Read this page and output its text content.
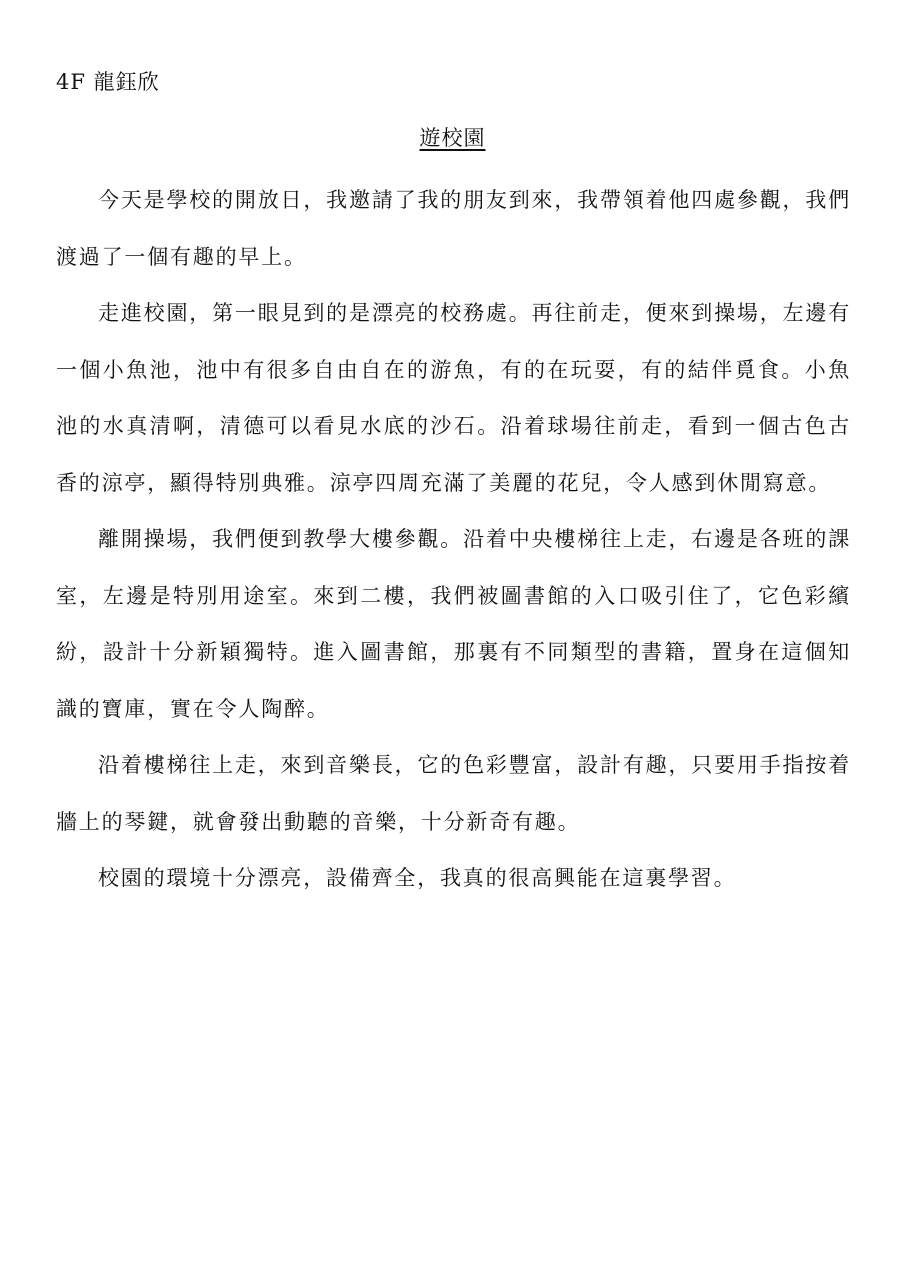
4F 龍鈺欣
遊校園

今天是學校的開放日，我邀請了我的朋友到來，我帶領着他四處參觀，我們渡過了一個有趣的早上。

走進校園，第一眼見到的是漂亮的校務處。再往前走，便來到操場，左邊有一個小魚池，池中有很多自由自在的游魚，有的在玩耍，有的結伴覓食。小魚池的水真清啊，清德可以看見水底的沙石。沿着球場往前走，看到一個古色古香的涼亭，顯得特別典雅。涼亭四周充滿了美麗的花兒，令人感到休閒寫意。

離開操場，我們便到教學大樓參觀。沿着中央樓梯往上走，右邊是各班的課室，左邊是特別用途室。來到二樓，我們被圖書館的入口吸引住了，它色彩繽紛，設計十分新穎獨特。進入圖書館，那裏有不同類型的書籍，置身在這個知識的寶庫，實在令人陶醉。

沿着樓梯往上走，來到音樂長，它的色彩豐富，設計有趣，只要用手指按着牆上的琴鍵，就會發出動聽的音樂，十分新奇有趣。

校園的環境十分漂亮，設備齊全，我真的很高興能在這裏學習。
